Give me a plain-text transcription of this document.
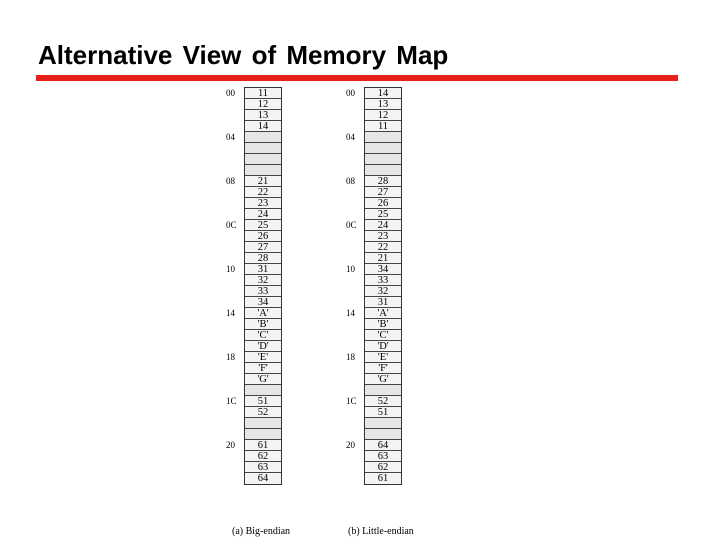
Alternative View of Memory Map
11
12
13
14
21
22
23
24
25
26
27
28
31
32
33
34
'A'
'B'
'C'
'D'
'E'
'F'
'G'
51
52
61
62
63
64
00
04
08
0C
10
14
18
1C
20
(a) Big-endian
14
13
12
11
28
27
26
25
24
23
22
21
34
33
32
31
'A'
'B'
'C'
'D'
'E'
'F'
'G'
52
51
64
63
62
61
00
04
08
0C
10
14
18
1C
20
(b) Little-endian
